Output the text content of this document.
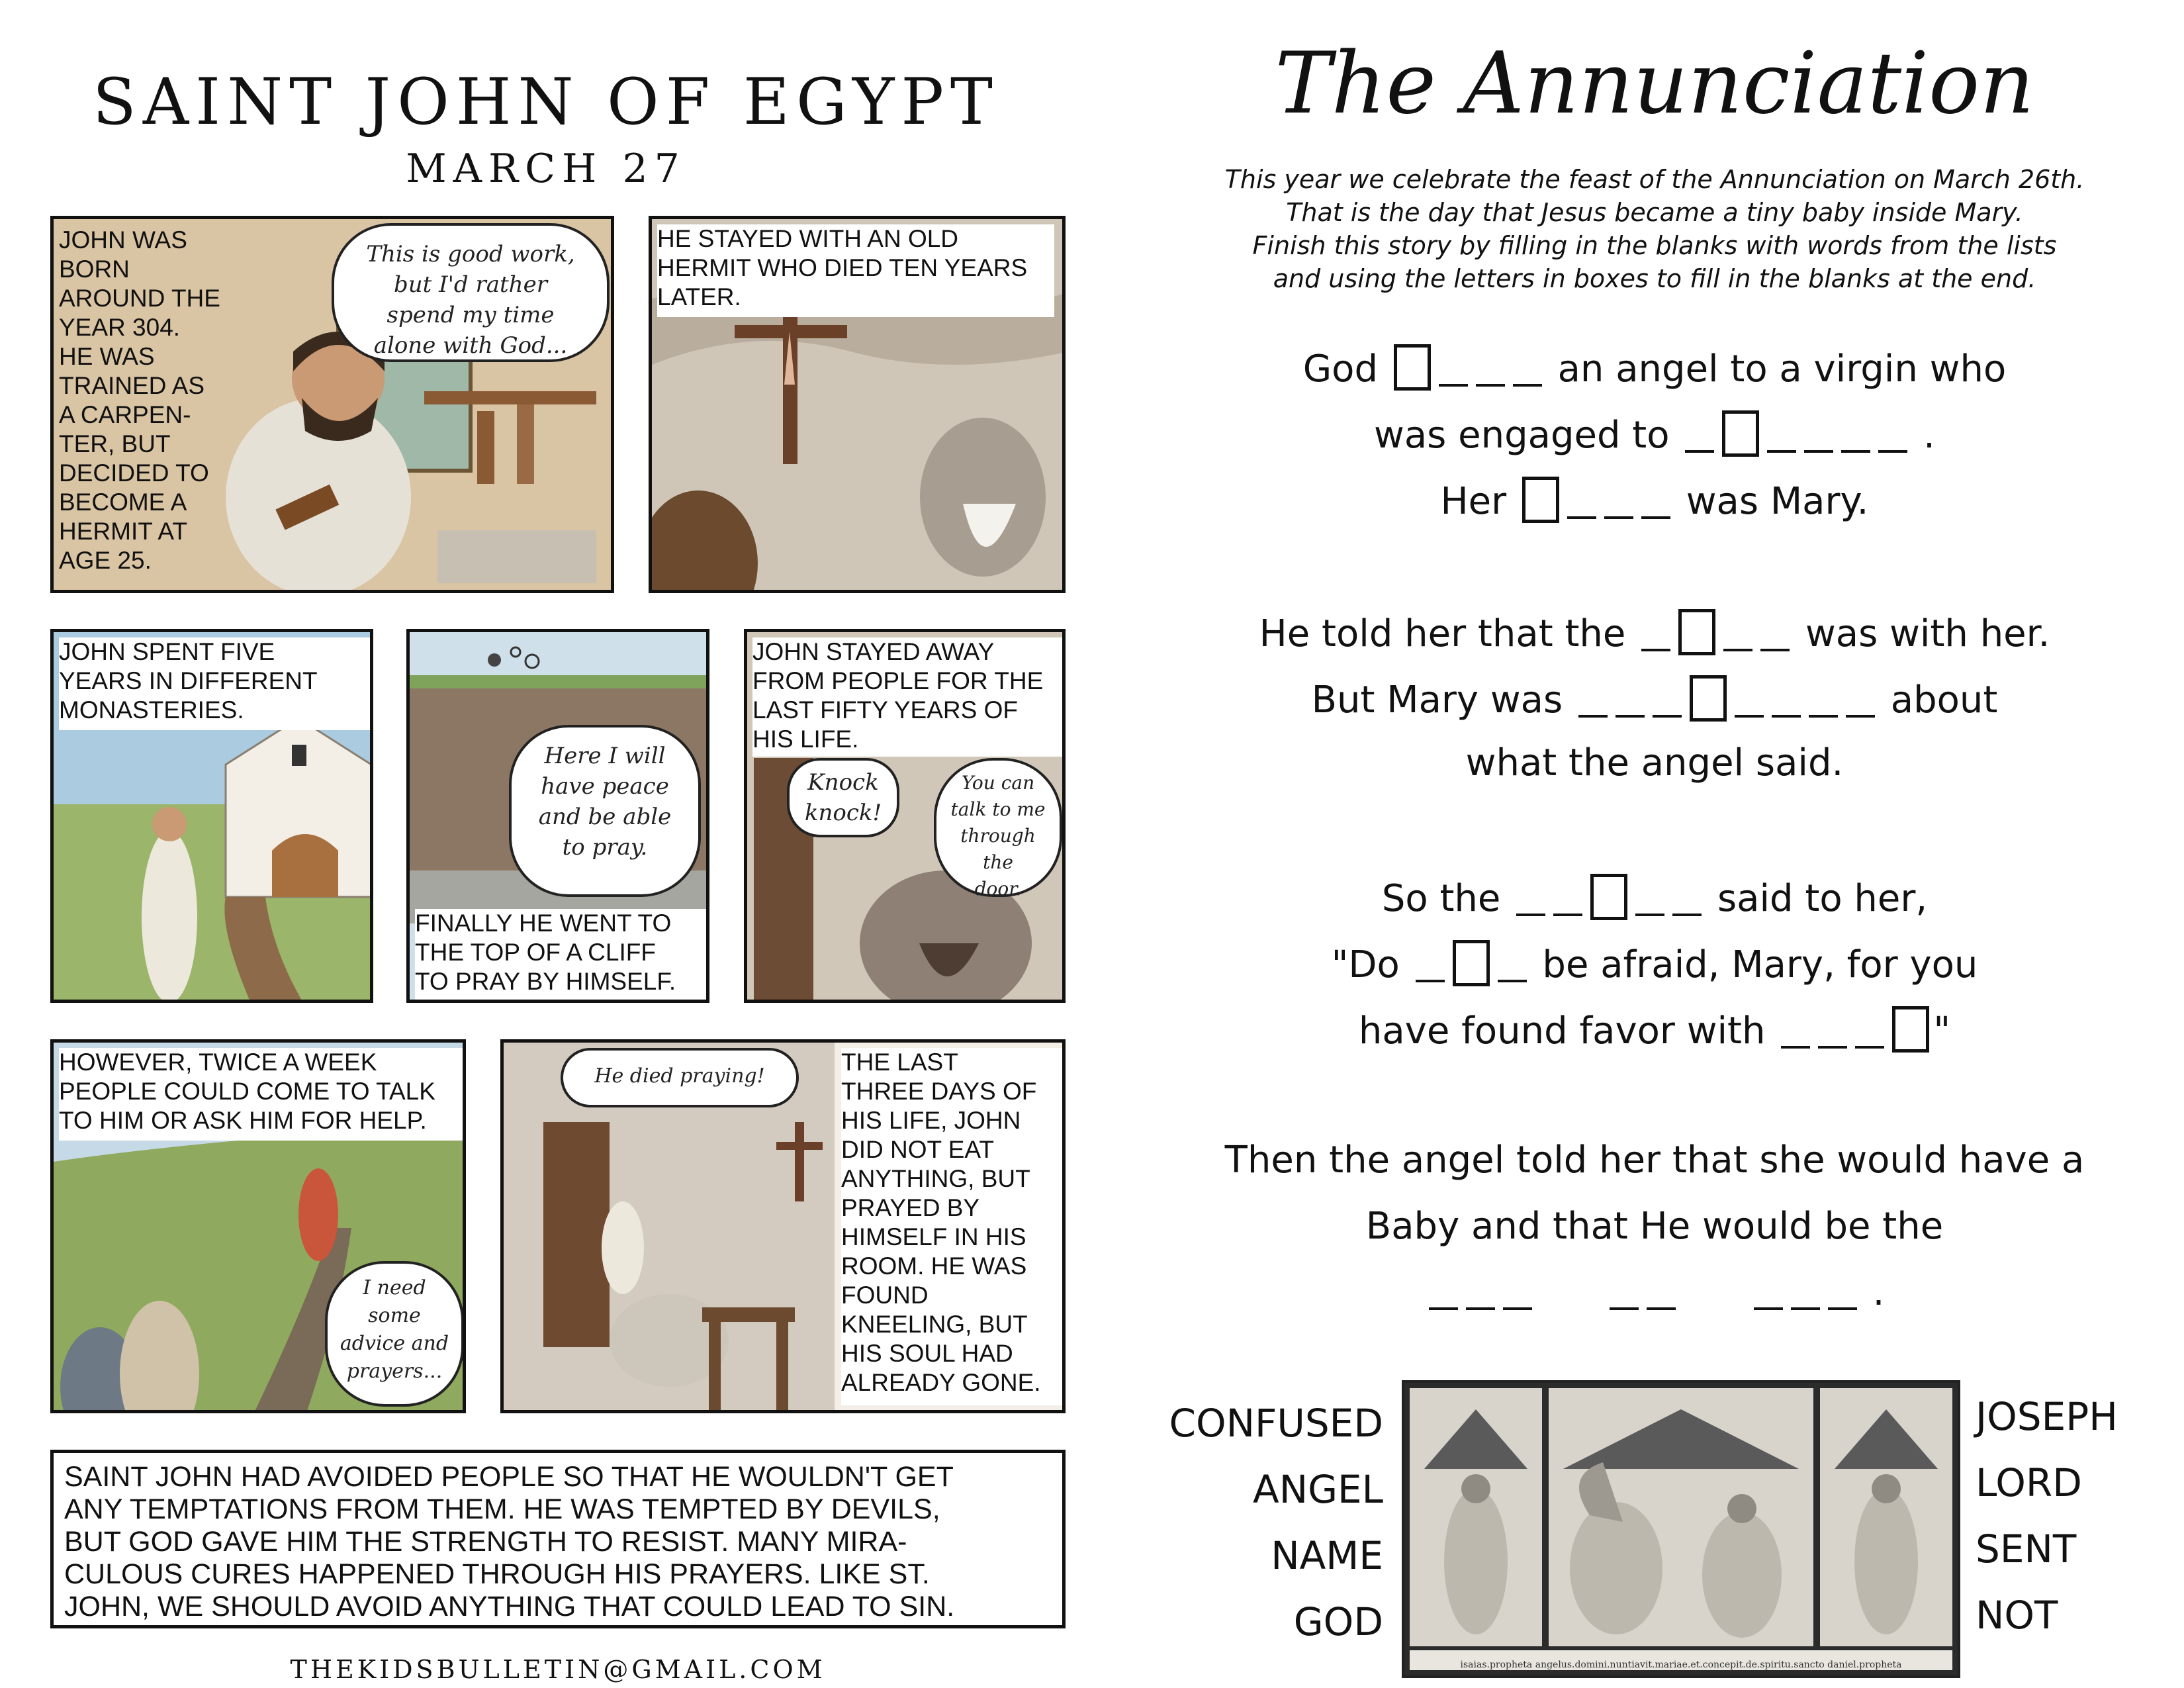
SAINT JOHN OF EGYPT
MARCH 27
JOHN WAS
BORN
AROUND THE
YEAR 304.
HE WAS
TRAINED AS
A CARPEN-
TER, BUT
DECIDED TO
BECOME A
HERMIT AT
AGE 25.
This is good work,
but I'd rather
spend my time
alone with God...
HE STAYED WITH AN OLD
HERMIT WHO DIED TEN YEARS
LATER.
JOHN SPENT FIVE
YEARS IN DIFFERENT
MONASTERIES.
Here I will
have peace
and be able
to pray.
FINALLY HE WENT TO
THE TOP OF A CLIFF
TO PRAY BY HIMSELF.
JOHN STAYED AWAY
FROM PEOPLE FOR THE
LAST FIFTY YEARS OF
HIS LIFE.
Knock
knock!
You can
talk to me
through the
door.
HOWEVER, TWICE A WEEK
PEOPLE COULD COME TO TALK
TO HIM OR ASK HIM FOR HELP.
I need
some
advice and
prayers...
He died praying!
THE LAST
THREE DAYS OF
HIS LIFE, JOHN
DID NOT EAT
ANYTHING, BUT
PRAYED BY
HIMSELF IN HIS
ROOM. HE WAS
FOUND
KNEELING, BUT
HIS SOUL HAD
ALREADY GONE.
SAINT JOHN HAD AVOIDED PEOPLE SO THAT HE WOULDN'T GET
ANY TEMPTATIONS FROM THEM. HE WAS TEMPTED BY DEVILS,
BUT GOD GAVE HIM THE STRENGTH TO RESIST. MANY MIRA-
CULOUS CURES HAPPENED THROUGH HIS PRAYERS. LIKE ST.
JOHN, WE SHOULD AVOID ANYTHING THAT COULD LEAD TO SIN.
THEKIDSBULLETIN@GMAIL.COM
The Annunciation
This year we celebrate the feast of the Annunciation on March 26th.
That is the day that Jesus became a tiny baby inside Mary.
Finish this story by filling in the blanks with words from the lists
and using the letters in boxes to fill in the blanks at the end.
God	an angel to a virgin who
was engaged to	.
Her	was Mary.
He told her that the	was with her.
But Mary was	about
what the angel said.
So the	said to her,
"Do	be afraid, Mary, for you
have found favor with	"
Then the angel told her that she would have a
Baby and that He would be the
.
CONFUSED
ANGEL
NAME
GOD
JOSEPH
LORD
SENT
NOT
isaias.propheta angelus.domini.nuntiavit.mariae.et.concepit.de.spiritu.sancto daniel.propheta
